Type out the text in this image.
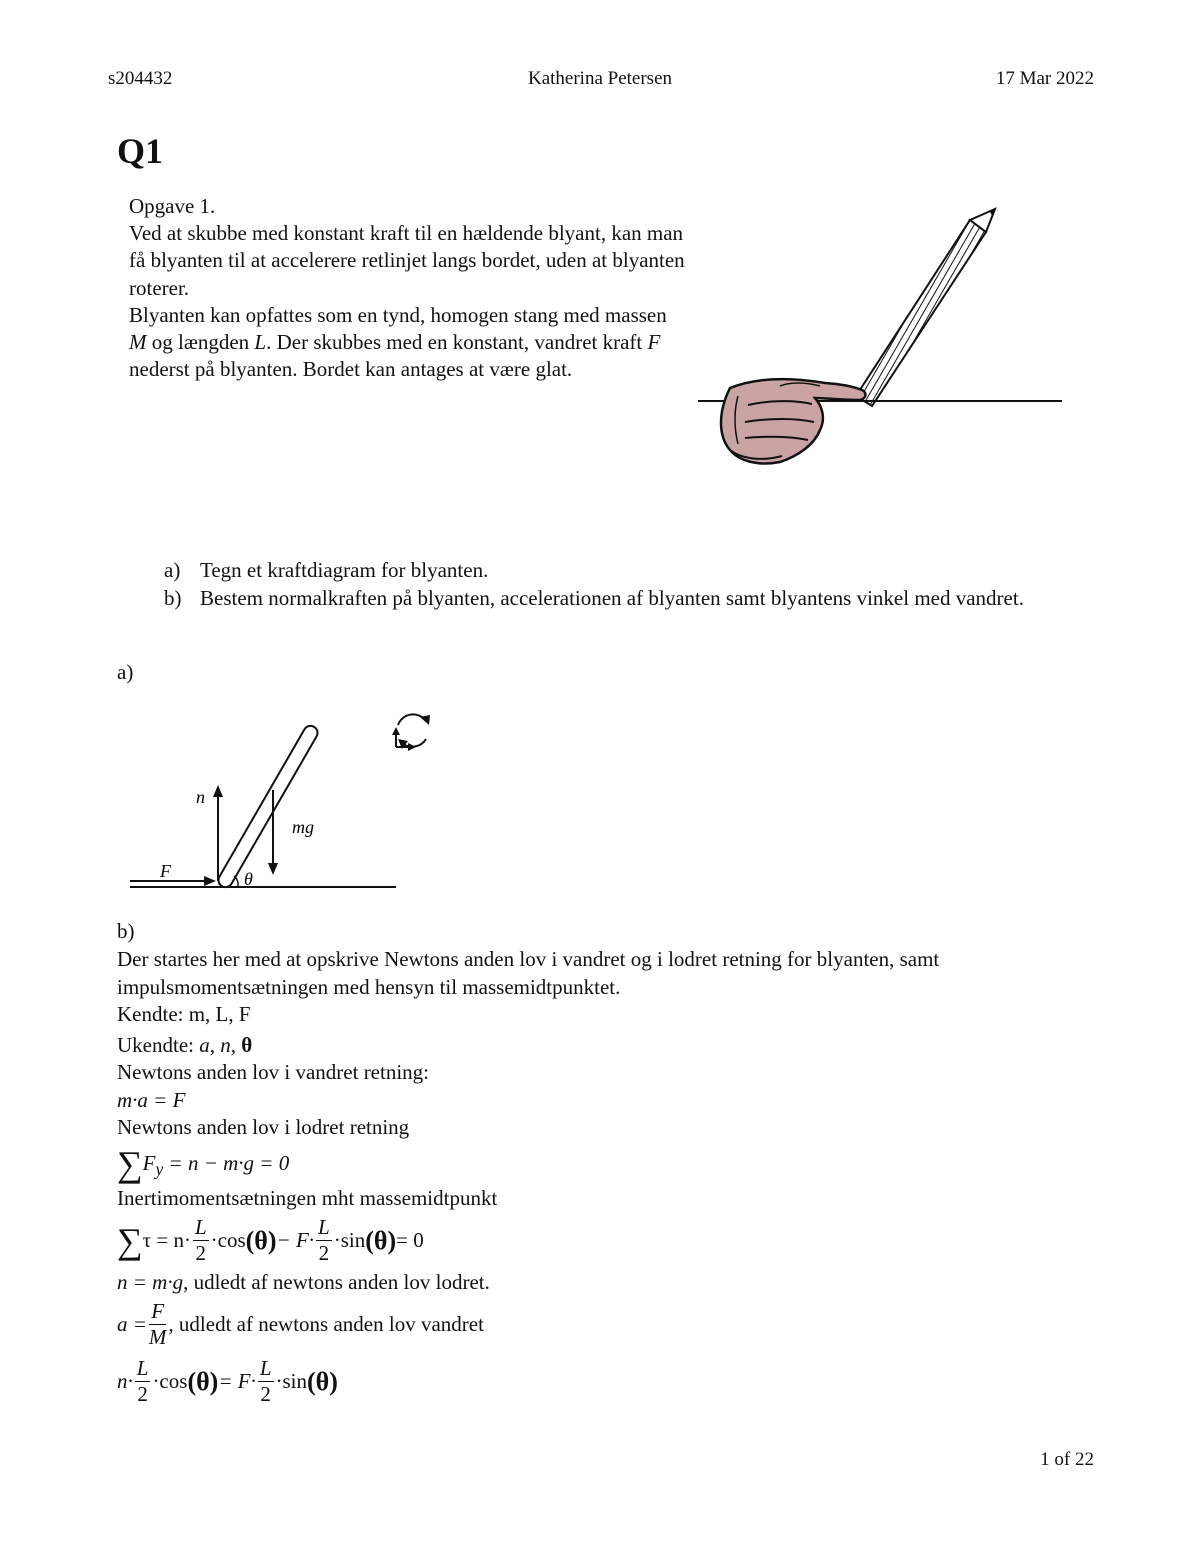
s204432	Katherina Petersen	17 Mar 2022
Q1

Opgave 1.

Ved at skubbe med konstant kraft til en hældende blyant, kan man få blyanten til at accelerere retlinjet langs bordet, uden at blyanten roterer.

Blyanten kan opfattes som en tynd, homogen stang med massen M og længden L. Der skubbes med en konstant, vandret kraft F nederst på blyanten. Bordet kan antages at være glat.

a) Tegn et kraftdiagram for blyanten.
b) Bestem normalkraften på blyanten, accelerationen af blyanten samt blyantens vinkel med vandret.
a)
n
mg
F	θ
b)
Der startes her med at opskrive Newtons anden lov i vandret og i lodret retning for blyanten, samt impulsmomentsætningen med hensyn til massemidtpunktet.
Kendte: m, L, F
Ukendte: a, n, θ
Newtons anden lov i vandret retning:
m·a = F
Newtons anden lov i lodret retning
$\sum F_y = n - m\cdot g = 0$
Inertimomentsætningen mht massemidtpunkt
∑ $\tau = n\cdot \frac{L}{2} \cdot\cos$ $(\theta) - F\cdot \frac{L}{2} \cdot\sin$ (θ) = 0
n = m·g, udledt af newtons anden lov lodret.
$a = \frac{F}{M}$ , udledt af newtons anden lov vandret
$n\cdot \frac{L}{2} \cdot\cos$ $(\theta) = F\cdot \frac{L}{2} \cdot\sin$ (θ)
1 of 22
